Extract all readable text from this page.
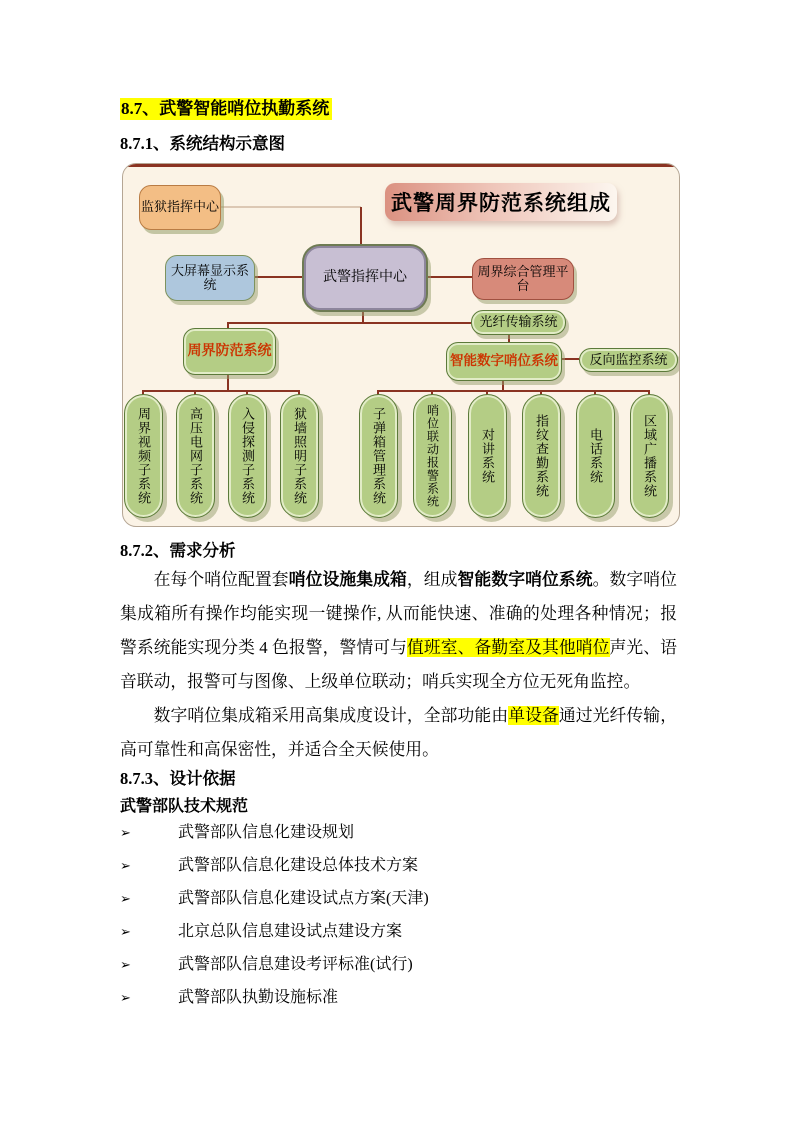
8.7、武警智能哨位执勤系统
8.7.1、系统结构示意图
监狱指挥中心	武警周界防范系统组成
大屏幕显示系统	武警指挥中心	周界综合管理平台
光纤传输系统
周界防范系统
智能数字哨位系统	反向监控系统
周界视频子系统	高压电网子系统	入侵探测子系统	狱墙照明子系统	子弹箱管理系统	哨位联动报警系统	对讲系统	指纹查勤系统	电话系统	区域广播系统
8.7.2、需求分析

在每个哨位配置套哨位设施集成箱，组成智能数字哨位系统。数字哨位集成箱所有操作均能实现一键操作, 从而能快速、准确的处理各种情况；报警系统能实现分类 4 色报警，警情可与值班室、备勤室及其他哨位声光、语音联动，报警可与图像、上级单位联动；哨兵实现全方位无死角监控。

数字哨位集成箱采用高集成度设计，全部功能由单设备通过光纤传输，高可靠性和高保密性，并适合全天候使用。

8.7.3、设计依据
武警部队技术规范
➢	武警部队信息化建设规划
➢	武警部队信息化建设总体技术方案
➢	武警部队信息化建设试点方案(天津)
➢	北京总队信息建设试点建设方案
➢	武警部队信息建设考评标准(试行)
➢	武警部队执勤设施标准
